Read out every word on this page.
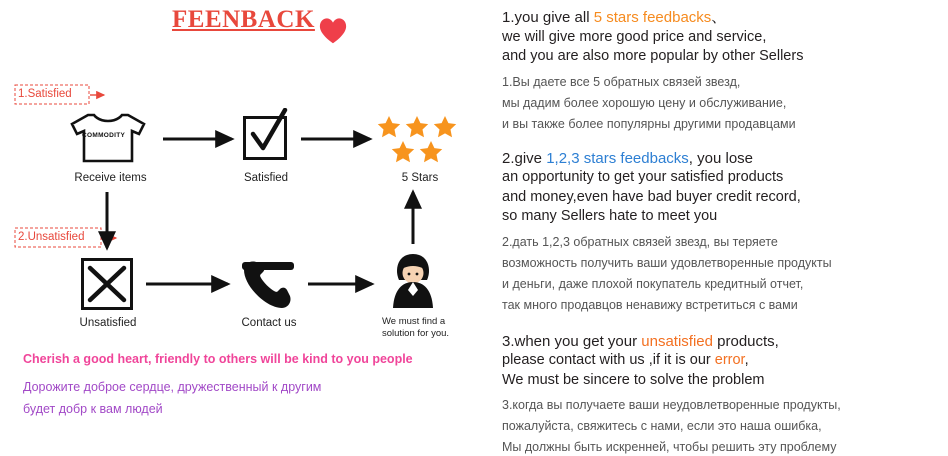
FEENBACK
1.Satisfied
2.Unsatisfied
COMMODITY
Receive items	Satisfied	5 Stars
Unsatisfied	Contact us	We must find a solution for you.
Cherish a good heart, friendly to others will be kind to you people
Дорожите доброе сердце, дружественный к другим
будет добр к вам людей
1.you give all 5 stars feedbacks、
we will give more good price and service,
and you are also more popular by other Sellers
1.Вы даете все 5 обратных связей звезд,
мы дадим более хорошую цену и обслуживание,
и вы также более популярны другими продавцами
2.give 1,2,3 stars feedbacks, you lose
an opportunity to get your satisfied products
and money,even have bad buyer credit record,
so many Sellers hate to meet you
2.дать 1,2,3 обратных связей звезд, вы теряете
возможность получить ваши удовлетворенные продукты
и деньги, даже плохой покупатель кредитный отчет,
так много продавцов ненавижу встретиться с вами
3.when you get your unsatisfied products,
please contact with us ,if it is our error,
We must be sincere to solve the problem
3.когда вы получаете ваши неудовлетворенные продукты,
пожалуйста, свяжитесь с нами, если это наша ошибка,
Мы должны быть искренней, чтобы решить эту проблему
